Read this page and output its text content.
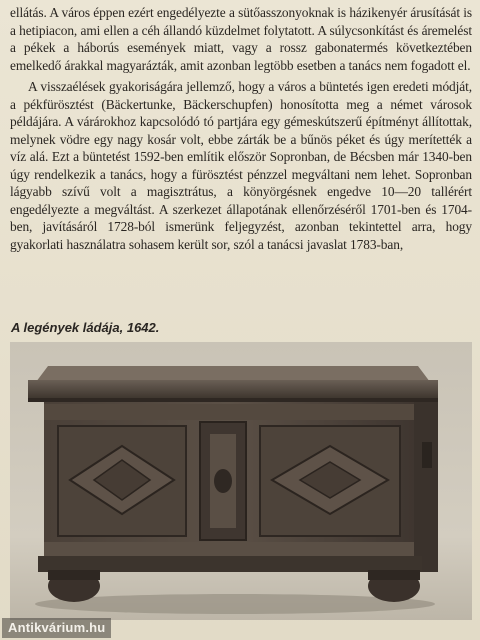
ellátás. A város éppen ezért engedélyezte a sütőasszonyoknak is házikenyér árusítását is a hetipiacon, ami ellen a céh állandó küzdelmet folytatott. A súlycsonkítást és áremelést a pékek a háborús események miatt, vagy a rossz gabonatermés következtében emelkedő árakkal magyarázták, amit azonban legtöbb esetben a tanács nem fogadott el.

A visszaélések gyakoriságára jellemző, hogy a város a büntetés igen eredeti módját, a pékfürösztést (Bäckertunke, Bäckerschupfen) honosította meg a német városok példájára. A várárokhoz kapcsolódó tó partjára egy gémeskútszerű építményt állítottak, melynek vödre egy nagy kosár volt, ebbe zárták be a bűnös péket és úgy merítették a víz alá. Ezt a büntetést 1592-ben említik először Sopronban, de Bécsben már 1340-ben úgy rendelkezik a tanács, hogy a fürösztést pénzzel megváltani nem lehet. Sopronban lágyabb szívű volt a magisztrátus, a könyörgésnek engedve 10—20 tallérért engedélyezte a megváltást. A szerkezet állapotának ellenőrzéséről 1701-ben és 1704-ben, javításáról 1728-ból ismerünk feljegyzést, azonban tekintettel arra, hogy gyakorlati használatra sohasem került sor, szól a tanácsi javaslat 1783-ban,

A legények ládája, 1642.
Antikvárium.hu
